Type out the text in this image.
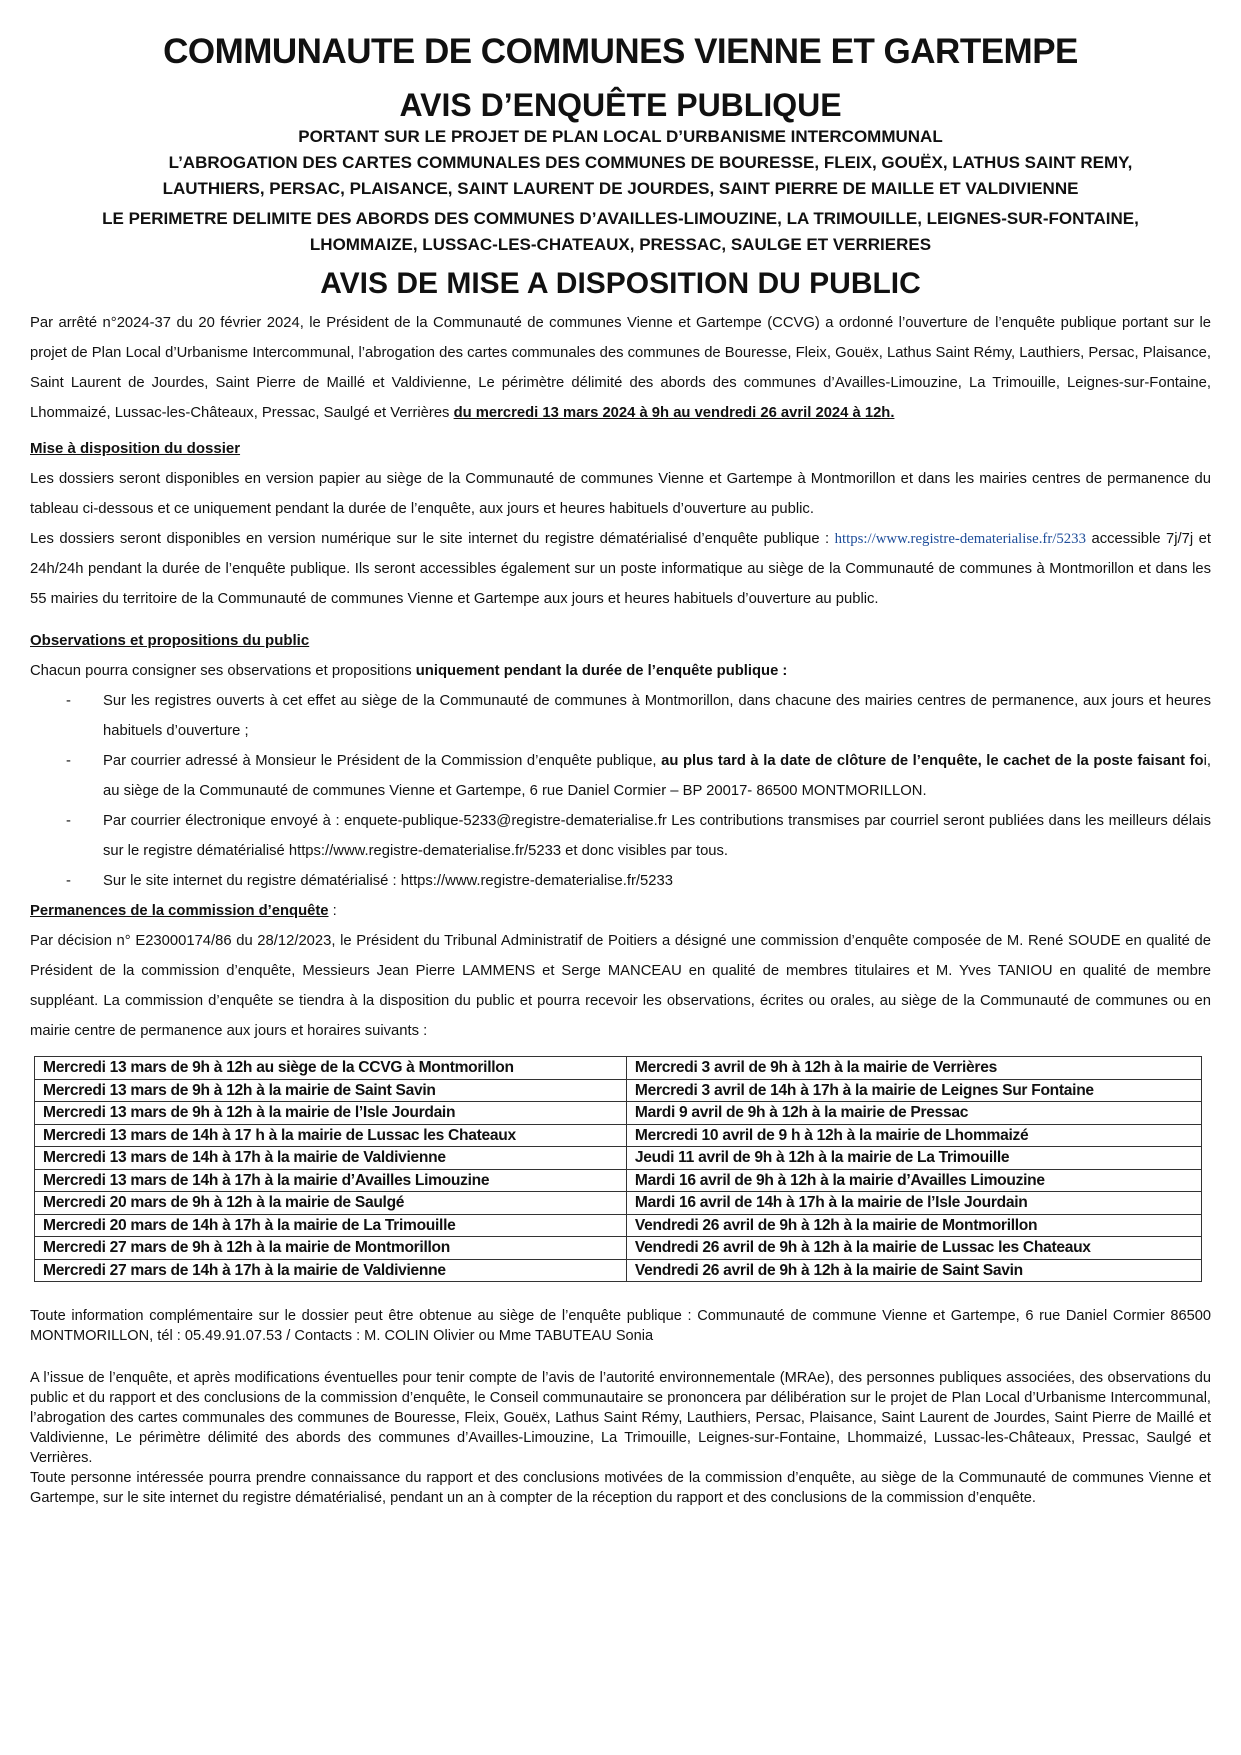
COMMUNAUTE DE COMMUNES VIENNE ET GARTEMPE
AVIS D’ENQUÊTE PUBLIQUE

PORTANT SUR LE PROJET DE PLAN LOCAL D’URBANISME INTERCOMMUNAL

L’ABROGATION DES CARTES COMMUNALES DES COMMUNES DE BOURESSE, FLEIX, GOUËX, LATHUS SAINT REMY,

LAUTHIERS, PERSAC, PLAISANCE, SAINT LAURENT DE JOURDES, SAINT PIERRE DE MAILLE ET VALDIVIENNE

LE PERIMETRE DELIMITE DES ABORDS DES COMMUNES D’AVAILLES-LIMOUZINE, LA TRIMOUILLE, LEIGNES-SUR-FONTAINE,

LHOMMAIZE, LUSSAC-LES-CHATEAUX, PRESSAC, SAULGE ET VERRIERES

AVIS DE MISE A DISPOSITION DU PUBLIC

Par arrêté n°2024-37 du 20 février 2024, le Président de la Communauté de communes Vienne et Gartempe (CCVG) a ordonné l’ouverture de l’enquête publique portant sur le projet de Plan Local d’Urbanisme Intercommunal, l’abrogation des cartes communales des communes de Bouresse, Fleix, Gouëx, Lathus Saint Rémy, Lauthiers, Persac, Plaisance, Saint Laurent de Jourdes, Saint Pierre de Maillé et Valdivienne, Le périmètre délimité des abords des communes d’Availles-Limouzine, La Trimouille, Leignes-sur-Fontaine, Lhommaizé, Lussac-les-Châteaux, Pressac, Saulgé et Verrières du mercredi 13 mars 2024 à 9h au vendredi 26 avril 2024 à 12h.

Mise à disposition du dossier

Les dossiers seront disponibles en version papier au siège de la Communauté de communes Vienne et Gartempe à Montmorillon et dans les mairies centres de permanence du tableau ci-dessous et ce uniquement pendant la durée de l’enquête, aux jours et heures habituels d’ouverture au public.

Les dossiers seront disponibles en version numérique sur le site internet du registre dématérialisé d’enquête publique : https://www.registre-dematerialise.fr/5233 accessible 7j/7j et 24h/24h pendant la durée de l’enquête publique. Ils seront accessibles également sur un poste informatique au siège de la Communauté de communes à Montmorillon et dans les 55 mairies du territoire de la Communauté de communes Vienne et Gartempe aux jours et heures habituels d’ouverture au public.

Observations et propositions du public

Chacun pourra consigner ses observations et propositions uniquement pendant la durée de l’enquête publique :

- Sur les registres ouverts à cet effet au siège de la Communauté de communes à Montmorillon, dans chacune des mairies centres de permanence, aux jours et heures habituels d’ouverture ;
- Par courrier adressé à Monsieur le Président de la Commission d’enquête publique, au plus tard à la date de clôture de l’enquête, le cachet de la poste faisant foi, au siège de la Communauté de communes Vienne et Gartempe, 6 rue Daniel Cormier – BP 20017- 86500 MONTMORILLON.
- Par courrier électronique envoyé à : enquete-publique-5233@registre-dematerialise.fr Les contributions transmises par courriel seront publiées dans les meilleurs délais sur le registre dématérialisé https://www.registre-dematerialise.fr/5233 et donc visibles par tous.
- Sur le site internet du registre dématérialisé : https://www.registre-dematerialise.fr/5233

Permanences de la commission d’enquête :

Par décision n° E23000174/86 du 28/12/2023, le Président du Tribunal Administratif de Poitiers a désigné une commission d’enquête composée de M. René SOUDE en qualité de Président de la commission d’enquête, Messieurs Jean Pierre LAMMENS et Serge MANCEAU en qualité de membres titulaires et M. Yves TANIOU en qualité de membre suppléant. La commission d’enquête se tiendra à la disposition du public et pourra recevoir les observations, écrites ou orales, au siège de la Communauté de communes ou en mairie centre de permanence aux jours et horaires suivants :

Mercredi 13 mars de 9h à 12h au siège de la CCVG à Montmorillon	Mercredi 3 avril de 9h à 12h à la mairie de Verrières
Mercredi 13 mars de 9h à 12h à la mairie de Saint Savin	Mercredi 3 avril de 14h à 17h à la mairie de Leignes Sur Fontaine
Mercredi 13 mars de 9h à 12h à la mairie de l’Isle Jourdain	Mardi 9 avril de 9h à 12h à la mairie de Pressac
Mercredi 13 mars de 14h à 17 h à la mairie de Lussac les Chateaux	Mercredi 10 avril de 9 h à 12h à la mairie de Lhommaizé
Mercredi 13 mars de 14h à 17h à la mairie de Valdivienne	Jeudi 11 avril de 9h à 12h à la mairie de La Trimouille
Mercredi 13 mars de 14h à 17h à la mairie d’Availles Limouzine	Mardi 16 avril de 9h à 12h à la mairie d’Availles Limouzine
Mercredi 20 mars de 9h à 12h à la mairie de Saulgé	Mardi 16 avril de 14h à 17h à la mairie de l’Isle Jourdain
Mercredi 20 mars de 14h à 17h à la mairie de La Trimouille	Vendredi 26 avril de 9h à 12h à la mairie de Montmorillon
Mercredi 27 mars de 9h à 12h à la mairie de Montmorillon	Vendredi 26 avril de 9h à 12h à la mairie de Lussac les Chateaux
Mercredi 27 mars de 14h à 17h à la mairie de Valdivienne	Vendredi 26 avril de 9h à 12h à la mairie de Saint Savin

Toute information complémentaire sur le dossier peut être obtenue au siège de l’enquête publique : Communauté de commune Vienne et Gartempe, 6 rue Daniel Cormier 86500 MONTMORILLON, tél : 05.49.91.07.53 / Contacts : M. COLIN Olivier ou Mme TABUTEAU Sonia

A l’issue de l’enquête, et après modifications éventuelles pour tenir compte de l’avis de l’autorité environnementale (MRAe), des personnes publiques associées, des observations du public et du rapport et des conclusions de la commission d’enquête, le Conseil communautaire se prononcera par délibération sur le projet de Plan Local d’Urbanisme Intercommunal, l’abrogation des cartes communales des communes de Bouresse, Fleix, Gouëx, Lathus Saint Rémy, Lauthiers, Persac, Plaisance, Saint Laurent de Jourdes, Saint Pierre de Maillé et Valdivienne, Le périmètre délimité des abords des communes d’Availles-Limouzine, La Trimouille, Leignes-sur-Fontaine, Lhommaizé, Lussac-les-Châteaux, Pressac, Saulgé et Verrières.

Toute personne intéressée pourra prendre connaissance du rapport et des conclusions motivées de la commission d’enquête, au siège de la Communauté de communes Vienne et Gartempe, sur le site internet du registre dématérialisé, pendant un an à compter de la réception du rapport et des conclusions de la commission d’enquête.
